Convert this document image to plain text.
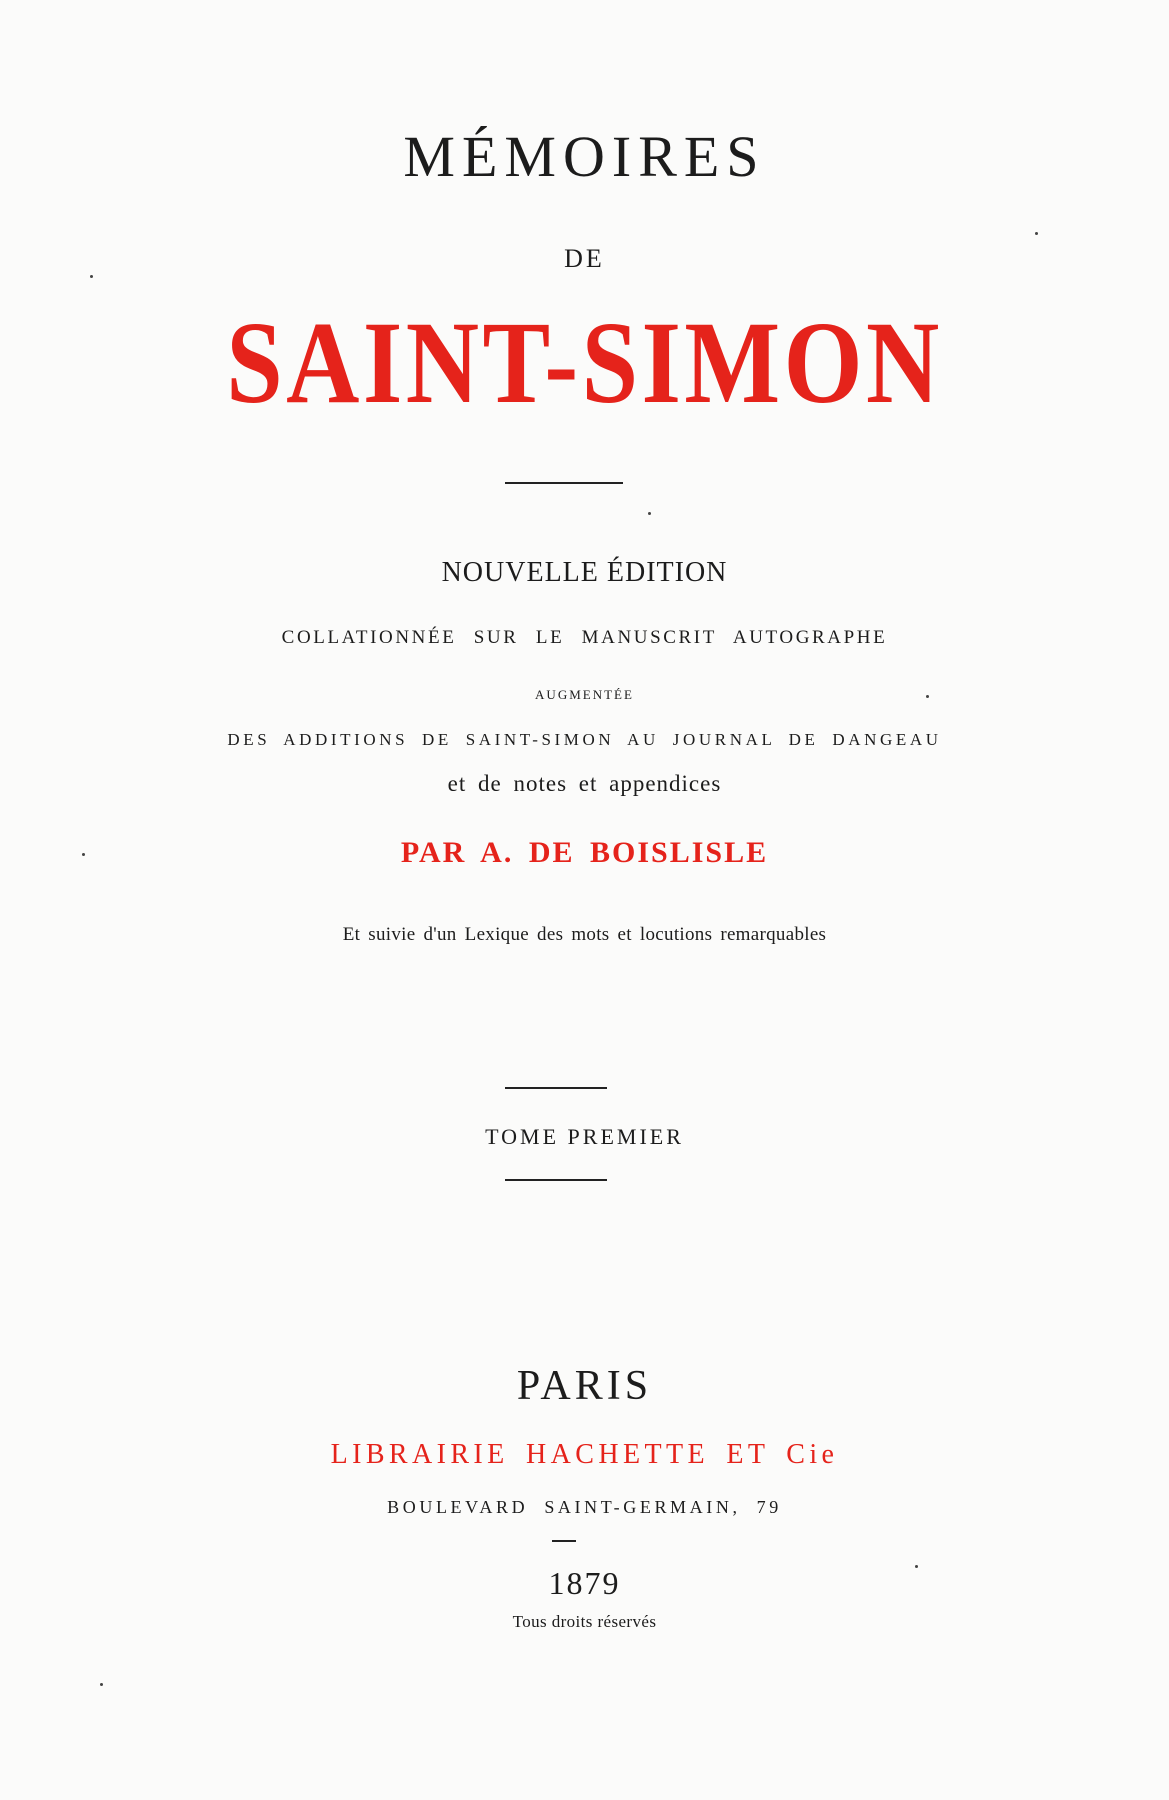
MÉMOIRES
DE
SAINT-SIMON
NOUVELLE ÉDITION
COLLATIONNÉE SUR LE MANUSCRIT AUTOGRAPHE
AUGMENTÉE
DES ADDITIONS DE SAINT-SIMON AU JOURNAL DE DANGEAU
et de notes et appendices
PAR A. DE BOISLISLE
Et suivie d'un Lexique des mots et locutions remarquables
TOME PREMIER
PARIS
LIBRAIRIE HACHETTE ET Cie
BOULEVARD SAINT-GERMAIN, 79
1879
Tous droits réservés
